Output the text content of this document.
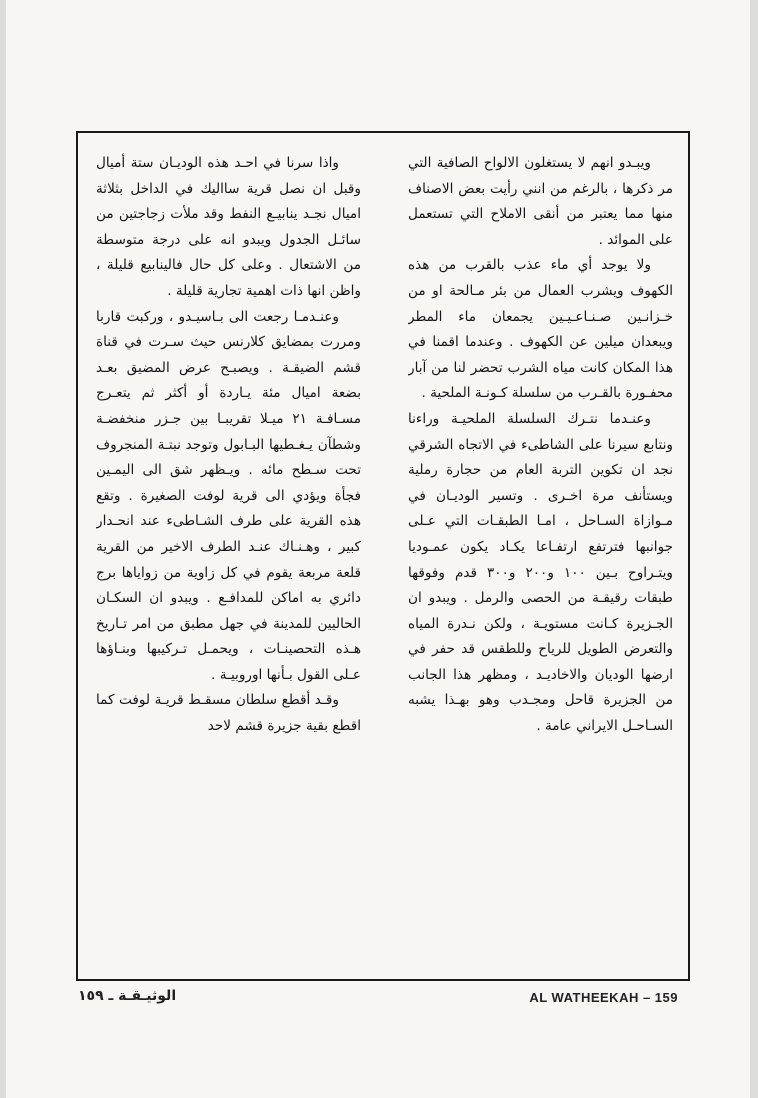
ويبـدو انهم لا يستغلون الالواح الصافية التي مر ذكرها ، بالرغم من انني رأيت بعض الاصناف منها مما يعتبر من أنقى الاملاح التي تستعمل على الموائد .

ولا يوجد أي ماء عذب بالقرب من هذه الكهوف ويشرب العمال من بئر مـالحة او من خـزانـين صـنـاعـيـين يجمعان ماء المطر ويبعدان ميلين عن الكهوف . وعندما اقمنا في هذا المكان كانت مياه الشرب تحضر لنا من آبار محفـورة بالقـرب من سلسلة كـونـة الملحية .

وعنـدما نتـرك السلسلة الملحيـة وراءنا ونتابع سيرنا على الشاطىء في الاتجاه الشرقي نجد ان تكوين التربة العام من حجارة رملية ويستأنف مرة اخـرى . وتسير الوديـان في مـوازاة السـاحل ، امـا الطبقـات التي عـلى جوانبها فترتفع ارتفـاعا يكـاد يكون عمـوديا ويتـراوح بـين ١٠٠ و٢٠٠ و٣٠٠ قدم وفوقها طبقات رقيقـة من الحصى والرمل . ويبدو ان الجـزيرة كـانت مستويـة ، ولكن نـدرة المياه والتعرض الطويل للرياح وللطقس قد حفر في ارضها الوديان والاخاديـد ، ومظهر هذا الجانب من الجزيرة قاحل ومجـدب وهو بهـذا يشبه السـاحـل الايراني عامة .

واذا سرنا في احـد هذه الوديـان ستة أميال وقبل ان نصل قرية سااليك في الداخل بثلاثة اميال نجـد ينابيـع النفط وقد ملأت زجاجتين من سائـل الجدول ويبدو انه على درجة متوسطة من الاشتعال . وعلى كل حال فالينابيع قليلة ، واظن انها ذات اهمية تجارية قليلة .

وعنـدمـا رجعت الى بـاسيـدو ، وركبت قاربا ومررت بمضايق كلارنس حيث سـرت في قناة قشم الضيقـة . ويصبـح عرض المضيق بعـد بضعة اميال مئة يـاردة أو أكثر ثم يتعـرج مسـافـة ٢١ ميـلا تقريبـا بين جـزر منخفضـة وشطآن يـغـطيها البـابول وتوجد نبتـة المنجروف تحت سـطح مائه . ويـظهر شق الى اليمـين فجأة ويؤدي الى قرية لوفت الصغيرة . وتقع هذه القرية على طرف الشـاطىء عند انحـدار كبير ، وهـنـاك عنـد الطرف الاخير من القرية قلعة مربعة يقوم في كل زاوية من زواياها برج دائري به اماكن للمدافـع . ويبدو ان السكـان الحاليين للمدينة في جهل مطبق من امر تـاريخ هـذه التحصينـات ، ويحمـل تـركيبها وبنـاؤها عـلى القول بـأنها اوروبيـة .

وقـد أقطع سلطان مسقـط قريـة لوفت كما اقطع بقية جزيرة قشم لاحد

الوثيـقـة ـ ١٥٩	AL WATHEEKAH – 159
